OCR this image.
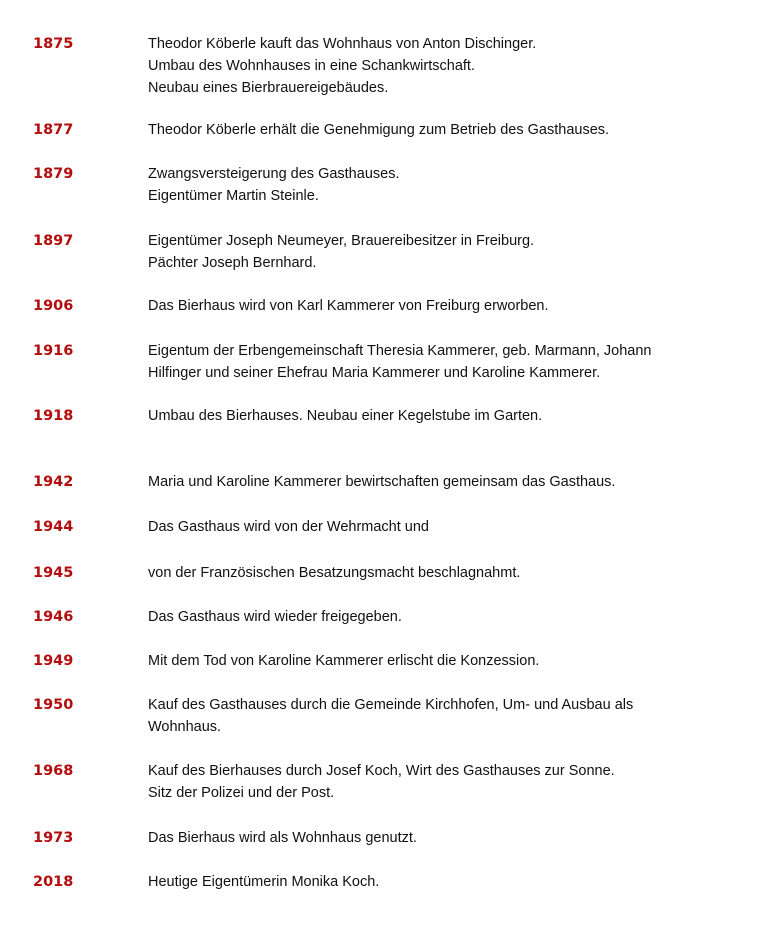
1875	Theodor Köberle kauft das Wohnhaus von Anton Dischinger.
Umbau des Wohnhauses in eine Schankwirtschaft.
Neubau eines Bierbrauereigebäudes.
1877	Theodor Köberle erhält die Genehmigung zum Betrieb des Gasthauses.
1879	Zwangsversteigerung des Gasthauses.
Eigentümer Martin Steinle.
1897	Eigentümer Joseph Neumeyer, Brauereibesitzer in Freiburg.
Pächter Joseph Bernhard.
1906	Das Bierhaus wird von Karl Kammerer von Freiburg erworben.
1916	Eigentum der Erbengemeinschaft Theresia Kammerer, geb. Marmann, Johann
Hilfinger und seiner Ehefrau Maria Kammerer und Karoline Kammerer.
1918	Umbau des Bierhauses. Neubau einer Kegelstube im Garten.
1942	Maria und Karoline Kammerer bewirtschaften gemeinsam das Gasthaus.
1944	Das Gasthaus wird von der Wehrmacht und
1945	von der Französischen Besatzungsmacht beschlagnahmt.
1946	Das Gasthaus wird wieder freigegeben.
1949	Mit dem Tod von Karoline Kammerer erlischt die Konzession.
1950	Kauf des Gasthauses durch die Gemeinde Kirchhofen, Um- und Ausbau als
Wohnhaus.
1968	Kauf des Bierhauses durch Josef Koch, Wirt des Gasthauses zur Sonne.
Sitz der Polizei und der Post.
1973	Das Bierhaus wird als Wohnhaus genutzt.
2018	Heutige Eigentümerin Monika Koch.
